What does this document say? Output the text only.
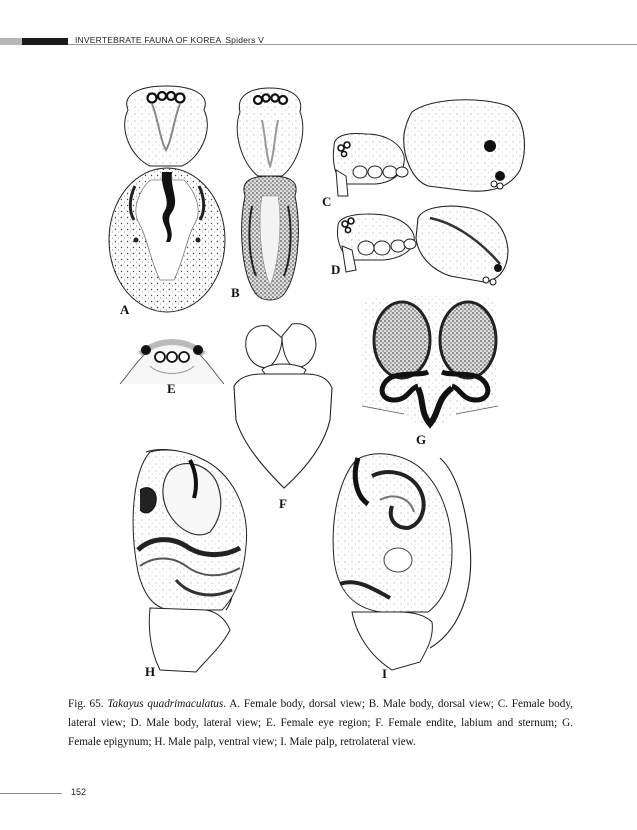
INVERTEBRATE FAUNA OF KOREA Spiders V
A
B
C
D
E
F
G
H	I
Fig. 65. Takayus quadrimaculatus. A. Female body, dorsal view; B. Male body, dorsal view; C. Female body, lateral view; D. Male body, lateral view; E. Female eye region; F. Female endite, labium and sternum; G. Female epigynum; H. Male palp, ventral view; I. Male palp, retrolateral view.
152
